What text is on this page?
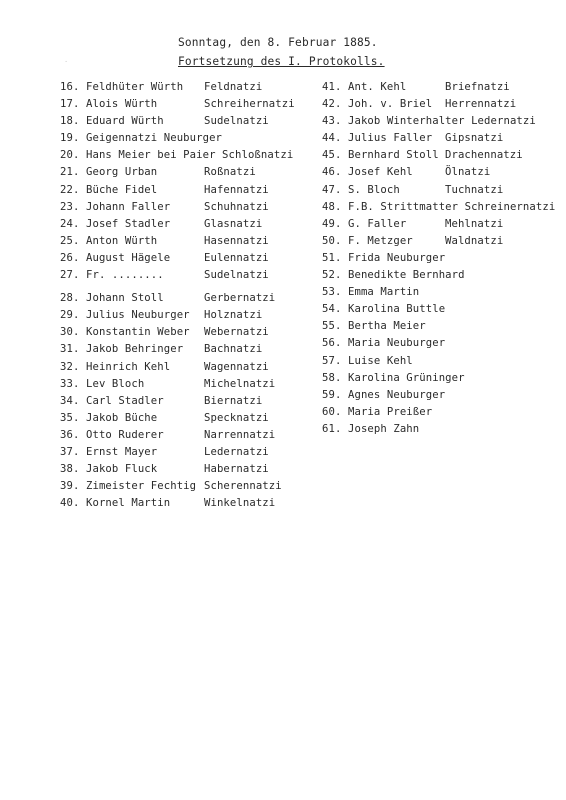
·
Sonntag, den 8. Februar 1885.
Fortsetzung des I. Protokolls.
16. Feldhüter Würth Feldnatzi
17. Alois Würth	Schreihernatzi
18. Eduard Würth	Sudelnatzi
19. Geigennatzi Neuburger
20. Hans Meier bei Paier Schloßnatzi
21. Georg Urban	Roßnatzi
22. Büche Fidel	Hafennatzi
23. Johann Faller	Schuhnatzi
24. Josef Stadler	Glasnatzi
25. Anton Würth	Hasennatzi
26. August Hägele	Eulennatzi
27. Fr. ........	Sudelnatzi
28. Johann Stoll	Gerbernatzi
29. Julius Neuburger Holznatzi
30. Konstantin Weber Webernatzi
31. Jakob Behringer Bachnatzi
32. Heinrich Kehl	Wagennatzi
33. Lev Bloch	Michelnatzi
34. Carl Stadler	Biernatzi
35. Jakob Büche	Specknatzi
36. Otto Ruderer	Narrennatzi
37. Ernst Mayer	Ledernatzi
38. Jakob Fluck	Habernatzi
39. Zimeister Fechtig Scherennatzi
40. Kornel Martin	Winkelnatzi
41. Ant. Kehl	Briefnatzi
42. Joh. v. Briel Herrennatzi
43. Jakob Winterhalter Ledernatzi
44. Julius Faller Gipsnatzi
45. Bernhard Stoll Drachennatzi
46. Josef Kehl	Ölnatzi
47. S. Bloch	Tuchnatzi
48. F.B. Strittmatter Schreinernatzi
49. G. Faller	Mehlnatzi
50. F. Metzger	Waldnatzi
51. Frida Neuburger
52. Benedikte Bernhard
53. Emma Martin
54. Karolina Buttle
55. Bertha Meier
56. Maria Neuburger
57. Luise Kehl
58. Karolina Grüninger
59. Agnes Neuburger
60. Maria Preißer
61. Joseph Zahn
